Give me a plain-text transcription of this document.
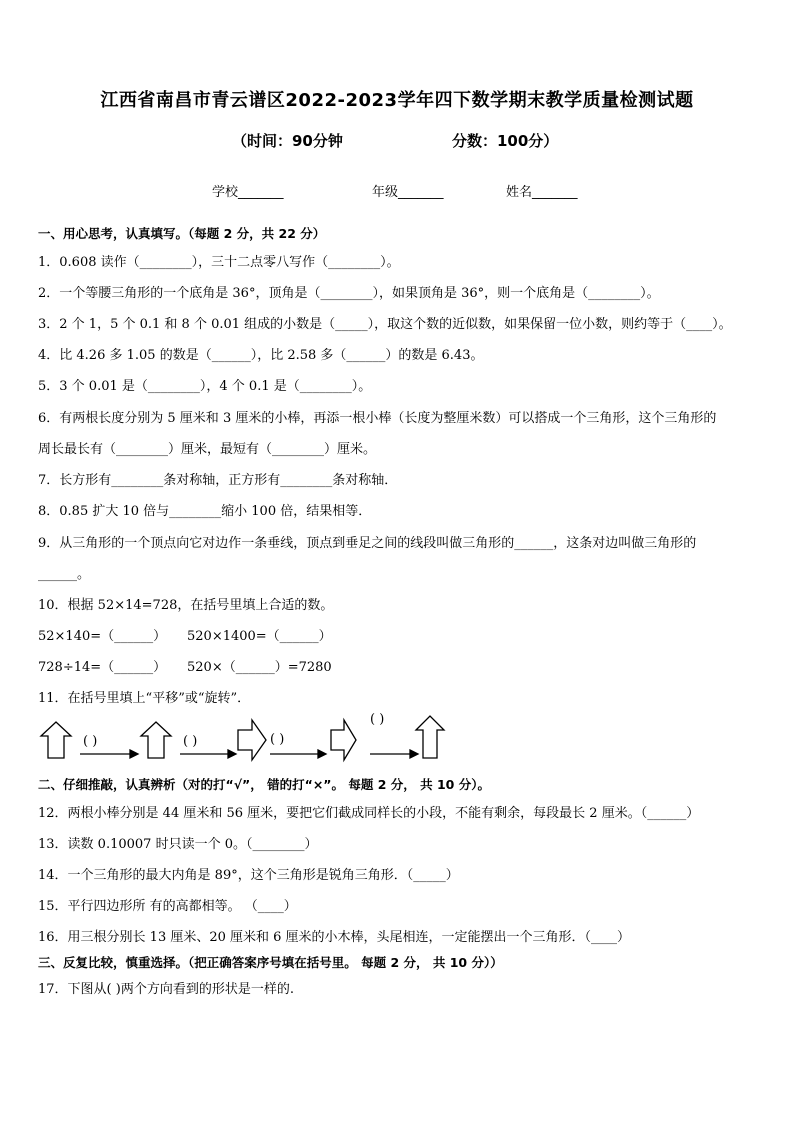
江西省南昌市青云谱区2022-2023学年四下数学期末教学质量检测试题
（时间：90分钟	分数：100分）
学校_______	年级_______	姓名_______
一、用心思考，认真填写。（每题 2 分，共 22 分）
1．0.608 读作（________），三十二点零八写作（________）。
2．一个等腰三角形的一个底角是 36°，顶角是（________），如果顶角是 36°，则一个底角是（________）。
3．2 个 1，5 个 0.1 和 8 个 0.01 组成的小数是（_____），取这个数的近似数，如果保留一位小数，则约等于（____）。
4．比 4.26 多 1.05 的数是（______），比 2.58 多（______）的数是 6.43。
5．3 个 0.01 是（________），4 个 0.1 是（________）。
6．有两根长度分别为 5 厘米和 3 厘米的小棒，再添一根小棒（长度为整厘米数）可以搭成一个三角形，这个三角形的
周长最长有（________）厘米，最短有（________）厘米。
7．长方形有________条对称轴，正方形有________条对称轴．
8．0.85 扩大 10 倍与________缩小 100 倍，结果相等．
9．从三角形的一个顶点向它对边作一条垂线，顶点到垂足之间的线段叫做三角形的______，这条对边叫做三角形的
______。
10．根据 52×14=728，在括号里填上合适的数。
52×140=（______） 520×1400=（______）
728÷14=（______） 520×（______）=7280
11．在括号里填上“平移”或“旋转”．
( )	( )	( )
( )
二、仔细推敲，认真辨析（对的打“√”， 错的打“×”。 每题 2 分， 共 10 分）。
12．两根小棒分别是 44 厘米和 56 厘米，要把它们截成同样长的小段，不能有剩余，每段最长 2 厘米。（______）
13．读数 0.10007 时只读一个 0。（________）
14．一个三角形的最大内角是 89°，这个三角形是锐角三角形．（_____）
15．平行四边形所 有的高都相等。 （____）
16．用三根分别长 13 厘米、20 厘米和 6 厘米的小木棒，头尾相连，一定能摆出一个三角形．（____）
三、反复比较，慎重选择。（把正确答案序号填在括号里。 每题 2 分， 共 10 分））
17．下图从( )两个方向看到的形状是一样的.
